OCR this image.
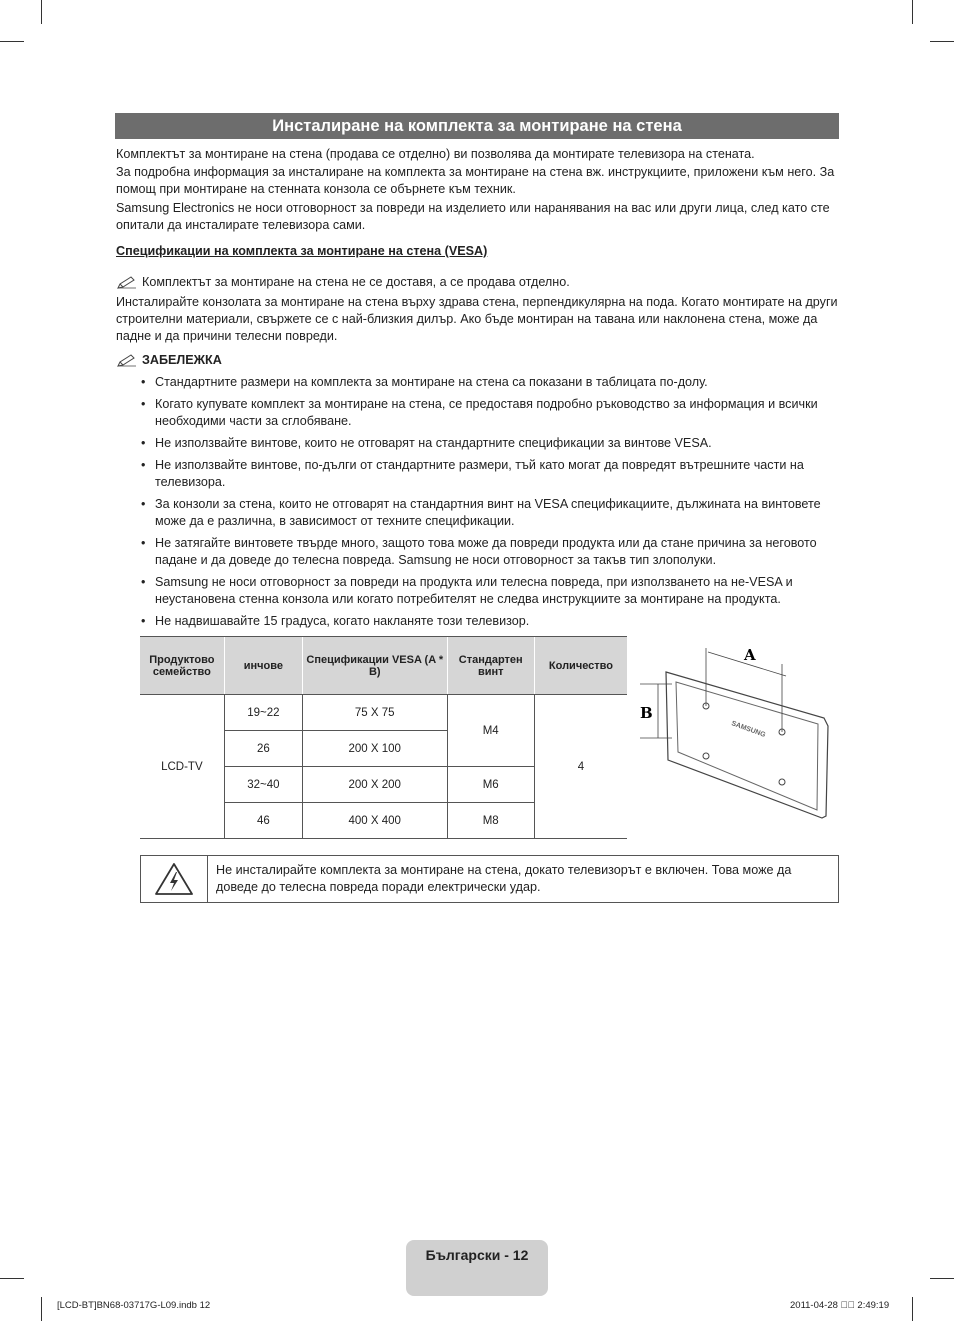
Инсталиране на комплекта за монтиране на стена

Комплектът за монтиране на стена (продава се отделно) ви позволява да монтирате телевизора на стената.

За подробна информация за инсталиране на комплекта за монтиране на стена вж. инструкциите, приложени към него. За помощ при монтиране на стенната конзола се обърнете към техник.

Samsung Electronics не носи отговорност за повреди на изделието или наранявания на вас или други лица, след като сте опитали да инсталирате телевизора сами.

Спецификации на комплекта за монтиране на стена (VESA)

Комплектът за монтиране на стена не се доставя, а се продава отделно.

Инсталирайте конзолата за монтиране на стена върху здрава стена, перпендикулярна на пода. Когато монтирате на други строителни материали, свържете се с най-близкия дилър. Ако бъде монтиран на тавана или наклонена стена, може да падне и да причини телесни повреди.

ЗАБЕЛЕЖКА
• Стандартните размери на комплекта за монтиране на стена са показани в таблицата по-долу.
• Когато купувате комплект за монтиране на стена, се предоставя подробно ръководство за информация и всички необходими части за сглобяване.
• Не използвайте винтове, които не отговарят на стандартните спецификации за винтове VESA.
• Не използвайте винтове, по-дълги от стандартните размери, тъй като могат да повредят вътрешните части на телевизора.
• За конзоли за стена, които не отговарят на стандартния винт на VESA спецификациите, дължината на винтовете може да е различна, в зависимост от техните спецификации.
• Не затягайте винтовете твърде много, защото това може да повреди продукта или да стане причина за неговото падане и да доведе до телесна повреда. Samsung не носи отговорност за такъв тип злополуки.
• Samsung не носи отговорност за повреди на продукта или телесна повреда, при използването на не-VESA и неустановена стенна конзола или когато потребителят не следва инструкциите за монтиране на продукта.
• Не надвишавайте 15 градуса, когато накланяте този телевизор.
Продуктово семейство	инчове	Спецификации VESA (A * B)	Стандартен винт	Количество
LCD-TV	19~22	75 X 75	M4	4
	26	200 X 100		
	32~40	200 X 200	M6	
	46	400 X 400	M8	
A
B
SAMSUNG
Не инсталирайте комплекта за монтиране на стена, докато телевизорът е включен. Това може да доведе до телесна повреда поради електрически удар.
Български - 12
[LCD-BT]BN68-03717G-L09.indb 12	2011-04-28 ￿￿ 2:49:19
